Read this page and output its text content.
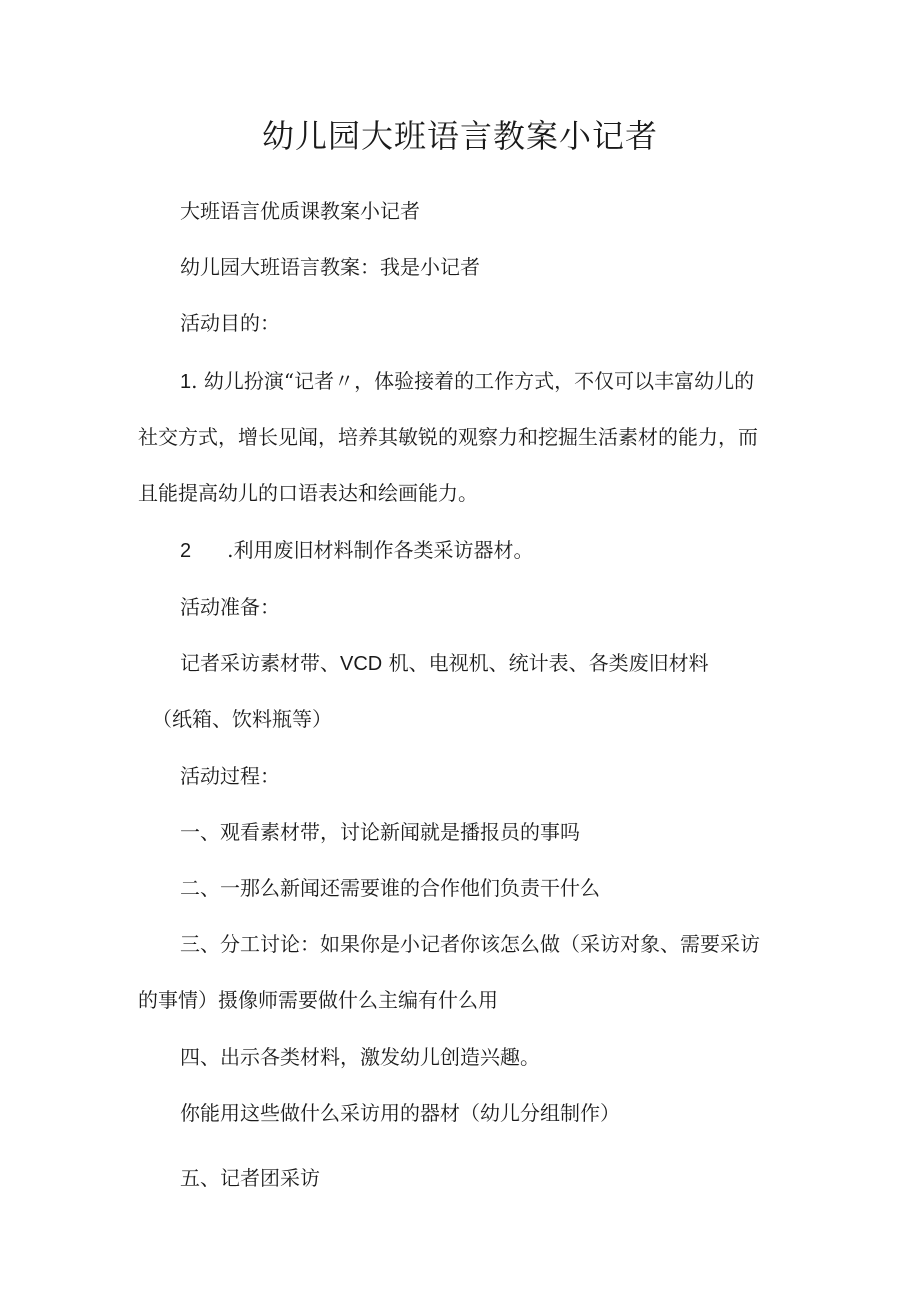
幼儿园大班语言教案小记者
大班语言优质课教案小记者
幼儿园大班语言教案：我是小记者
活动目的：
1. 幼儿扮演“记者〃，体验接着的工作方式，不仅可以丰富幼儿的
社交方式，增长见闻，培养其敏锐的观察力和挖掘生活素材的能力，而
且能提高幼儿的口语表达和绘画能力。
2 .利用废旧材料制作各类采访器材。
活动准备：
记者采访素材带、VCD 机、电视机、统计表、各类废旧材料
（纸箱、饮料瓶等）
活动过程：
一、观看素材带，讨论新闻就是播报员的事吗
二、一那么新闻还需要谁的合作他们负责干什么
三、分工讨论：如果你是小记者你该怎么做（采访对象、需要采访
的事情）摄像师需要做什么主编有什么用
四、出示各类材料，激发幼儿创造兴趣。
你能用这些做什么采访用的器材（幼儿分组制作）
五、记者团采访
